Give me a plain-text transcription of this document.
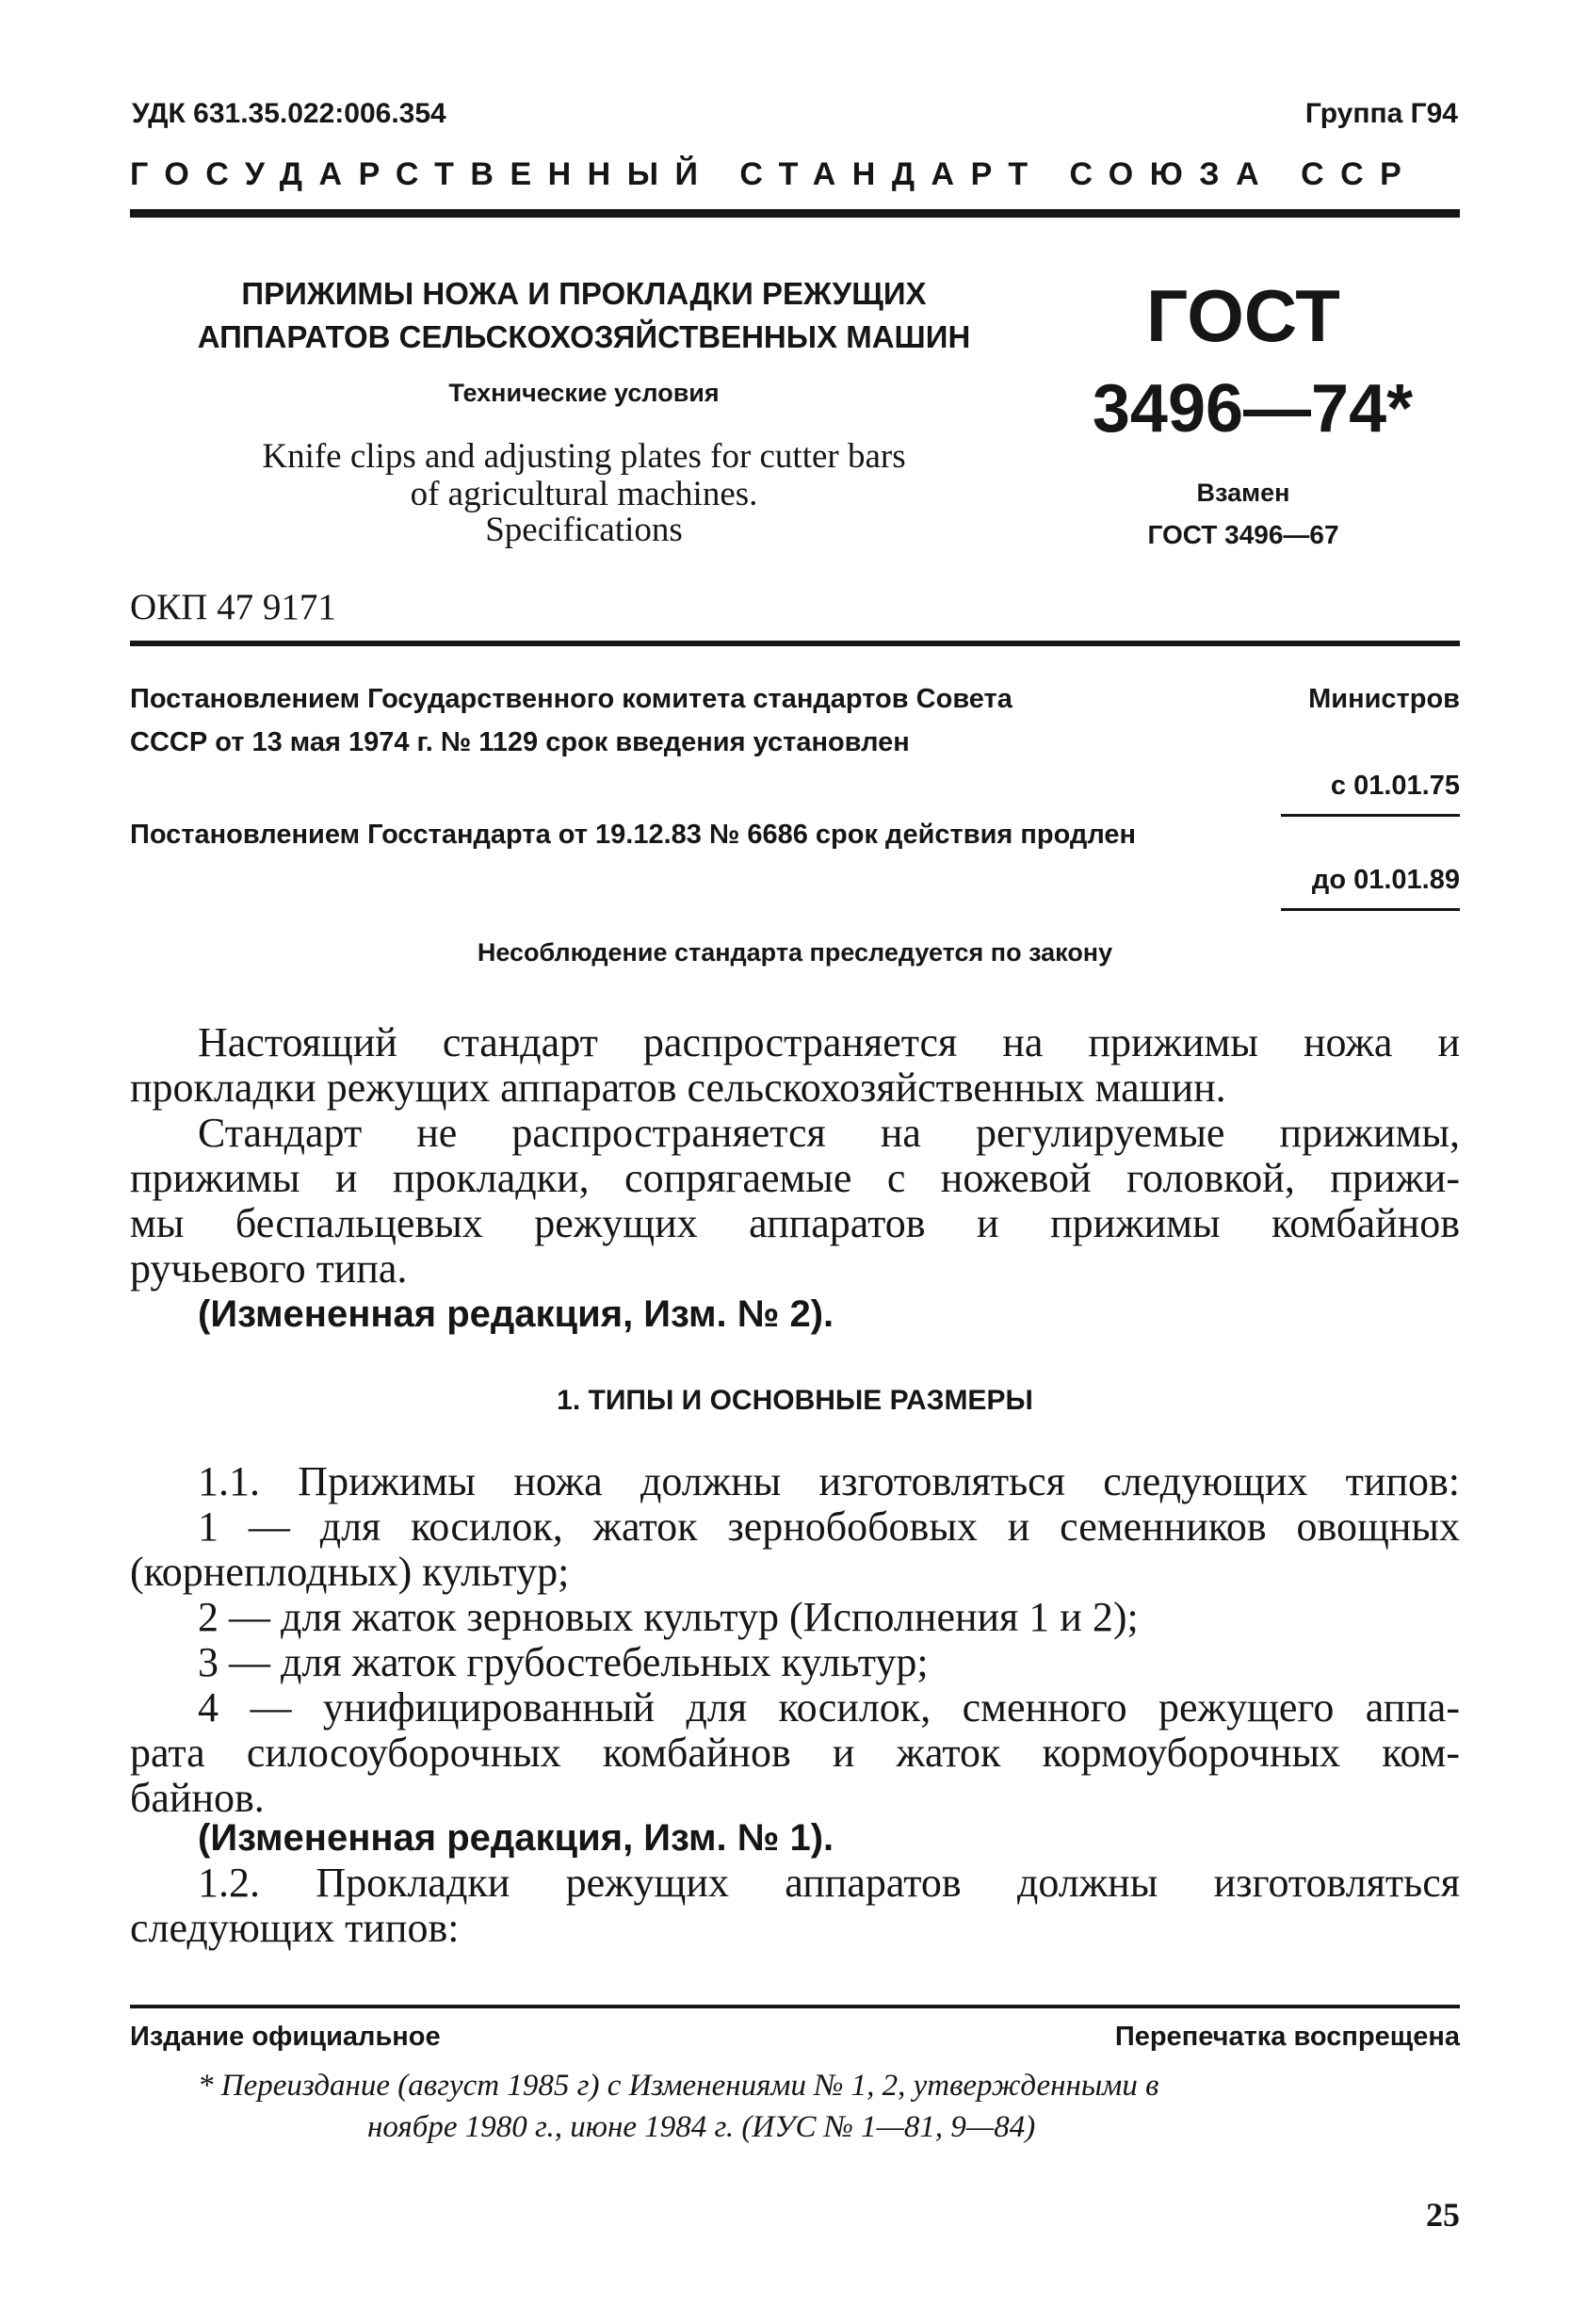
УДК 631.35.022:006.354	Группа Г94
ГОСУДАРСТВЕННЫЙ СТАНДАРТ СОЮЗА ССР
ПРИЖИМЫ НОЖА И ПРОКЛАДКИ РЕЖУЩИХ
АППАРАТОВ СЕЛЬСКОХОЗЯЙСТВЕННЫХ МАШИН
Технические условия
Knife clips and adjusting plates for cutter bars
of agricultural machines.
Specifications
ГОСТ
3496—74*
Взамен
ГОСТ 3496—67
ОКП 47 9171
Постановлением Государственного комитета стандартов Совета	Министров
СССР от 13 мая 1974 г. № 1129 срок введения установлен
с 01.01.75
Постановлением Госстандарта от 19.12.83 № 6686 срок действия продлен
до 01.01.89
Несоблюдение стандарта преследуется по закону
Настоящий стандарт распространяется на прижимы ножа и
прокладки режущих аппаратов сельскохозяйственных машин.
Стандарт не распространяется на регулируемые прижимы,
прижимы и прокладки, сопрягаемые с ножевой головкой, прижи-
мы беспальцевых режущих аппаратов и прижимы комбайнов
ручьевого типа.
(Измененная редакция, Изм. № 2).
1. ТИПЫ И ОСНОВНЫЕ РАЗМЕРЫ
1.1. Прижимы ножа должны изготовляться следующих типов:
1 — для косилок, жаток зернобобовых и семенников овощных
(корнеплодных) культур;
2 — для жаток зерновых культур (Исполнения 1 и 2);
3 — для жаток грубостебельных культур;
4 — унифицированный для косилок, сменного режущего аппа-
рата силосоуборочных комбайнов и жаток кормоуборочных ком-
байнов.
(Измененная редакция, Изм. № 1).
1.2. Прокладки режущих аппаратов должны изготовляться
следующих типов:
Издание официальное	Перепечатка воспрещена
* Переиздание (август 1985 г) с Изменениями № 1, 2, утвержденными в
ноябре 1980 г., июне 1984 г. (ИУС № 1—81, 9—84)
25
